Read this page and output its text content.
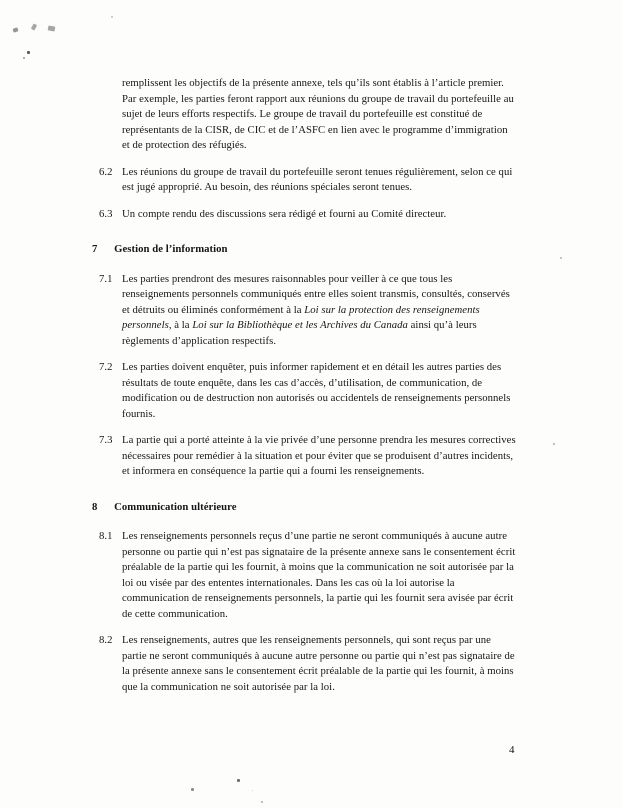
remplissent les objectifs de la présente annexe, tels qu’ils sont établis à l’article premier. Par exemple, les parties feront rapport aux réunions du groupe de travail du portefeuille au sujet de leurs efforts respectifs. Le groupe de travail du portefeuille est constitué de représentants de la CISR, de CIC et de l’ASFC en lien avec le programme d’immigration et de protection des réfugiés.

6.2 Les réunions du groupe de travail du portefeuille seront tenues régulièrement, selon ce qui est jugé approprié. Au besoin, des réunions spéciales seront tenues.
6.3 Un compte rendu des discussions sera rédigé et fourni au Comité directeur.
7 Gestion de l’information
7.1 Les parties prendront des mesures raisonnables pour veiller à ce que tous les renseignements personnels communiqués entre elles soient transmis, consultés, conservés et détruits ou éliminés conformément à la Loi sur la protection des renseignements personnels, à la Loi sur la Bibliothèque et les Archives du Canada ainsi qu’à leurs règlements d’application respectifs.
7.2 Les parties doivent enquêter, puis informer rapidement et en détail les autres parties des résultats de toute enquête, dans les cas d’accès, d’utilisation, de communication, de modification ou de destruction non autorisés ou accidentels de renseignements personnels fournis.
7.3 La partie qui a porté atteinte à la vie privée d’une personne prendra les mesures correctives nécessaires pour remédier à la situation et pour éviter que se produisent d’autres incidents, et informera en conséquence la partie qui a fourni les renseignements.
8 Communication ultérieure
8.1 Les renseignements personnels reçus d’une partie ne seront communiqués à aucune autre personne ou partie qui n’est pas signataire de la présente annexe sans le consentement écrit préalable de la partie qui les fournit, à moins que la communication ne soit autorisée par la loi ou visée par des ententes internationales. Dans les cas où la loi autorise la communication de renseignements personnels, la partie qui les fournit sera avisée par écrit de cette communication.
8.2 Les renseignements, autres que les renseignements personnels, qui sont reçus par une partie ne seront communiqués à aucune autre personne ou partie qui n’est pas signataire de la présente annexe sans le consentement écrit préalable de la partie qui les fournit, à moins que la communication ne soit autorisée par la loi.
4
